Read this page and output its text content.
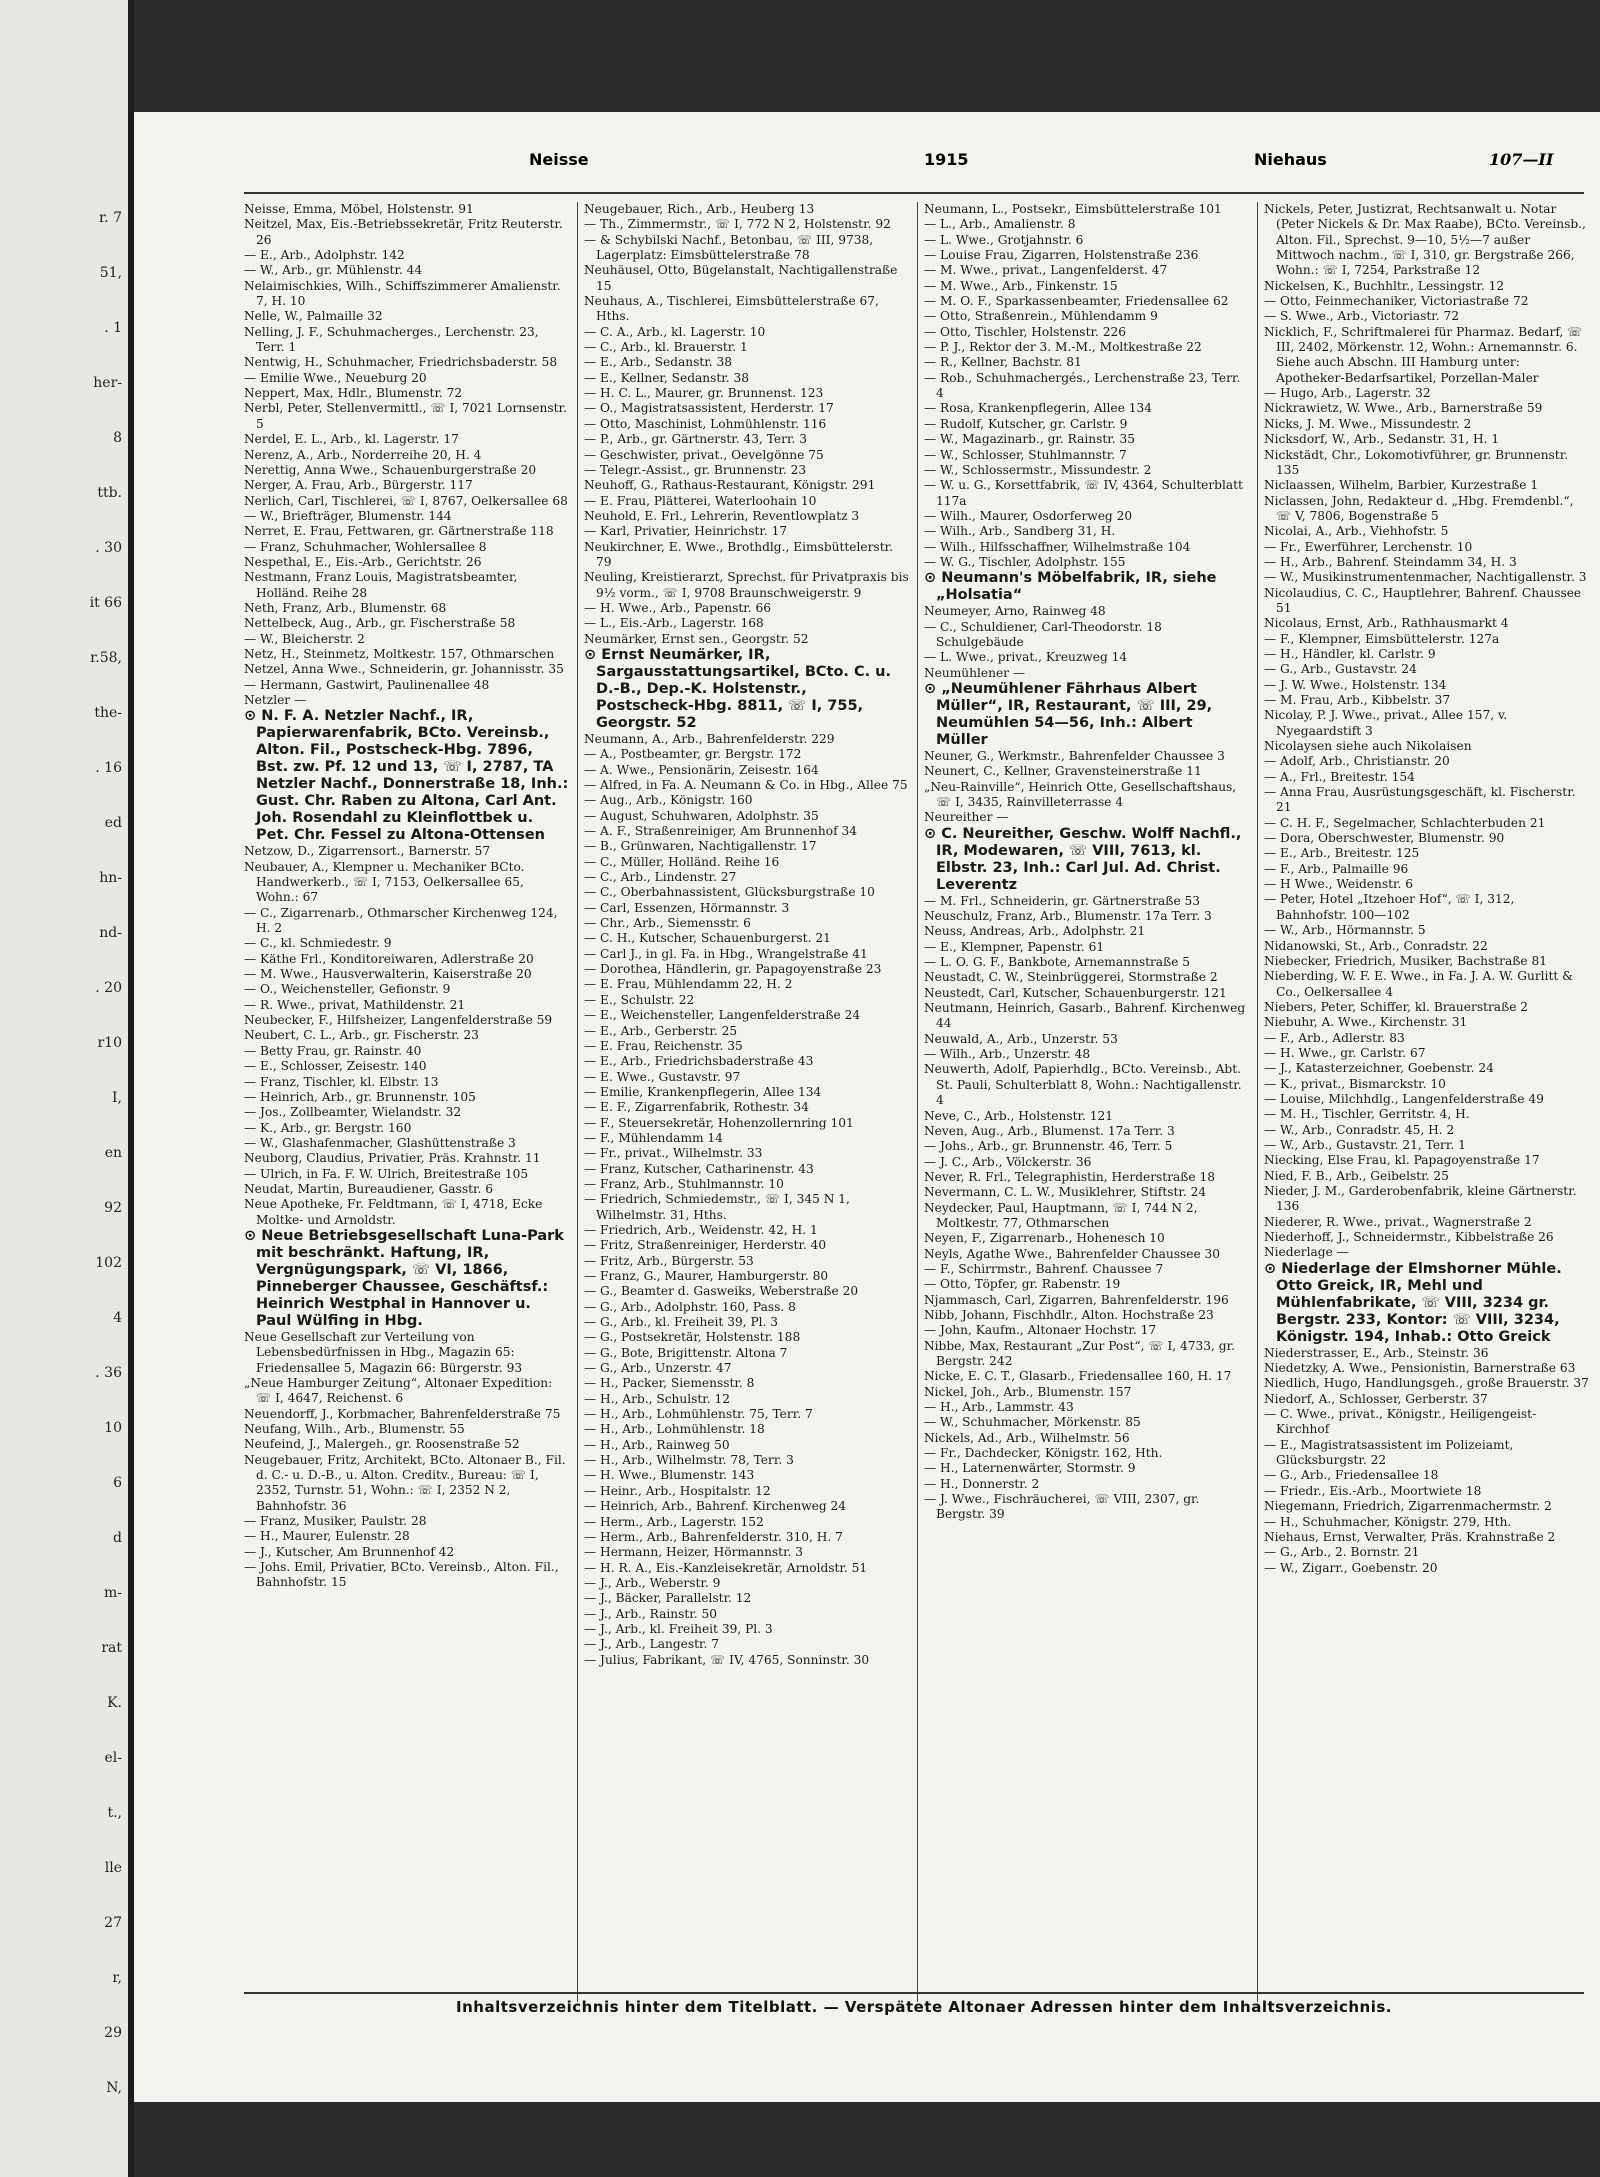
r. 7
51,
. 1
her-
8
ttb.
. 30
it 66
r.58,
the-
. 16
ed
hn-
nd-
. 20
r10
I,
en
92
102
4
. 36
10
6
d
m-
rat
K.
el-
t.,
lle
27
r,
29
N,
Neisse	1915	Niehaus	107—II

Neisse, Emma, Möbel, Holstenstr. 91

Neitzel, Max, Eis.-Betriebssekretär, Fritz Reuterstr. 26

— E., Arb., Adolphstr. 142

— W., Arb., gr. Mühlenstr. 44

Nelaimischkies, Wilh., Schiffszimmerer Amalienstr. 7, H. 10

Nelle, W., Palmaille 32

Nelling, J. F., Schuhmacherges., Lerchenstr. 23, Terr. 1

Nentwig, H., Schuhmacher, Friedrichsbaderstr. 58

— Emilie Wwe., Neueburg 20

Neppert, Max, Hdlr., Blumenstr. 72

Nerbl, Peter, Stellenvermittl., ☏ I, 7021 Lornsenstr. 5

Nerdel, E. L., Arb., kl. Lagerstr. 17

Nerenz, A., Arb., Norderreihe 20, H. 4

Nerettig, Anna Wwe., Schauenburgerstraße 20

Nerger, A. Frau, Arb., Bürgerstr. 117

Nerlich, Carl, Tischlerei, ☏ I, 8767, Oelkersallee 68

— W., Briefträger, Blumenstr. 144

Nerret, E. Frau, Fettwaren, gr. Gärtnerstraße 118

— Franz, Schuhmacher, Wohlersallee 8

Nespethal, E., Eis.-Arb., Gerichtstr. 26

Nestmann, Franz Louis, Magistratsbeamter, Holländ. Reihe 28

Neth, Franz, Arb., Blumenstr. 68

Nettelbeck, Aug., Arb., gr. Fischerstraße 58

— W., Bleicherstr. 2

Netz, H., Steinmetz, Moltkestr. 157, Othmarschen

Netzel, Anna Wwe., Schneiderin, gr. Johannisstr. 35

— Hermann, Gastwirt, Paulinenallee 48

Netzler —

⊙ N. F. A. Netzler Nachf., IR, Papierwarenfabrik, BCto. Vereinsb., Alton. Fil., Postscheck-Hbg. 7896, Bst. zw. Pf. 12 und 13, ☏ I, 2787, TA Netzler Nachf., Donnerstraße 18, Inh.: Gust. Chr. Raben zu Altona, Carl Ant. Joh. Rosendahl zu Kleinflottbek u. Pet. Chr. Fessel zu Altona-Ottensen

Netzow, D., Zigarrensort., Barnerstr. 57

Neubauer, A., Klempner u. Mechaniker BCto. Handwerkerb., ☏ I, 7153, Oelkersallee 65, Wohn.: 67

— C., Zigarrenarb., Othmarscher Kirchenweg 124, H. 2

— C., kl. Schmiedestr. 9

— Käthe Frl., Konditoreiwaren, Adlerstraße 20

— M. Wwe., Hausverwalterin, Kaiserstraße 20

— O., Weichensteller, Gefionstr. 9

— R. Wwe., privat, Mathildenstr. 21

Neubecker, F., Hilfsheizer, Langenfelderstraße 59

Neubert, C. L., Arb., gr. Fischerstr. 23

— Betty Frau, gr. Rainstr. 40

— E., Schlosser, Zeisestr. 140

— Franz, Tischler, kl. Elbstr. 13

— Heinrich, Arb., gr. Brunnenstr. 105

— Jos., Zollbeamter, Wielandstr. 32

— K., Arb., gr. Bergstr. 160

— W., Glashafenmacher, Glashüttenstraße 3

Neuborg, Claudius, Privatier, Präs. Krahnstr. 11

— Ulrich, in Fa. F. W. Ulrich, Breitestraße 105

Neudat, Martin, Bureaudiener, Gasstr. 6

Neue Apotheke, Fr. Feldtmann, ☏ I, 4718, Ecke Moltke- und Arnoldstr.

⊙ Neue Betriebsgesellschaft Luna-Park mit beschränkt. Haftung, IR, Vergnügungspark, ☏ VI, 1866, Pinneberger Chaussee, Geschäftsf.: Heinrich Westphal in Hannover u. Paul Wülfing in Hbg.

Neue Gesellschaft zur Verteilung von Lebensbedürfnissen in Hbg., Magazin 65: Friedensallee 5, Magazin 66: Bürgerstr. 93

„Neue Hamburger Zeitung“, Altonaer Expedition: ☏ I, 4647, Reichenst. 6

Neuendorff, J., Korbmacher, Bahrenfelderstraße 75

Neufang, Wilh., Arb., Blumenstr. 55

Neufeind, J., Malergeh., gr. Roosenstraße 52

Neugebauer, Fritz, Architekt, BCto. Altonaer B., Fil. d. C.- u. D.-B., u. Alton. Creditv., Bureau: ☏ I, 2352, Turnstr. 51, Wohn.: ☏ I, 2352 N 2, Bahnhofstr. 36

— Franz, Musiker, Paulstr. 28

— H., Maurer, Eulenstr. 28

— J., Kutscher, Am Brunnenhof 42

— Johs. Emil, Privatier, BCto. Vereinsb., Alton. Fil., Bahnhofstr. 15

Neugebauer, Rich., Arb., Heuberg 13

— Th., Zimmermstr., ☏ I, 772 N 2, Holstenstr. 92

— & Schybilski Nachf., Betonbau, ☏ III, 9738, Lagerplatz: Eimsbüttelerstraße 78

Neuhäusel, Otto, Bügelanstalt, Nachtigallenstraße 15

Neuhaus, A., Tischlerei, Eimsbüttelerstraße 67, Hths.

— C. A., Arb., kl. Lagerstr. 10

— C., Arb., kl. Brauerstr. 1

— E., Arb., Sedanstr. 38

— E., Kellner, Sedanstr. 38

— H. C. L., Maurer, gr. Brunnenst. 123

— O., Magistratsassistent, Herderstr. 17

— Otto, Maschinist, Lohmühlenstr. 116

— P., Arb., gr. Gärtnerstr. 43, Terr. 3

— Geschwister, privat., Oevelgönne 75

— Telegr.-Assist., gr. Brunnenstr. 23

Neuhoff, G., Rathaus-Restaurant, Königstr. 291

— E. Frau, Plätterei, Waterloohain 10

Neuhold, E. Frl., Lehrerin, Reventlowplatz 3

— Karl, Privatier, Heinrichstr. 17

Neukirchner, E. Wwe., Brothdlg., Eimsbüttelerstr. 79

Neuling, Kreistierarzt, Sprechst. für Privatpraxis bis 9½ vorm., ☏ I, 9708 Braunschweigerstr. 9

— H. Wwe., Arb., Papenstr. 66

— L., Eis.-Arb., Lagerstr. 168

Neumärker, Ernst sen., Georgstr. 52

⊙ Ernst Neumärker, IR, Sargausstattungsartikel, BCto. C. u. D.-B., Dep.-K. Holstenstr., Postscheck-Hbg. 8811, ☏ I, 755, Georgstr. 52

Neumann, A., Arb., Bahrenfelderstr. 229

— A., Postbeamter, gr. Bergstr. 172

— A. Wwe., Pensionärin, Zeisestr. 164

— Alfred, in Fa. A. Neumann & Co. in Hbg., Allee 75

— Aug., Arb., Königstr. 160

— August, Schuhwaren, Adolphstr. 35

— A. F., Straßenreiniger, Am Brunnenhof 34

— B., Grünwaren, Nachtigallenstr. 17

— C., Müller, Holländ. Reihe 16

— C., Arb., Lindenstr. 27

— C., Oberbahnassistent, Glücksburgstraße 10

— Carl, Essenzen, Hörmannstr. 3

— Chr., Arb., Siemensstr. 6

— C. H., Kutscher, Schauenburgerst. 21

— Carl J., in gl. Fa. in Hbg., Wrangelstraße 41

— Dorothea, Händlerin, gr. Papagoyenstraße 23

— E. Frau, Mühlendamm 22, H. 2

— E., Schulstr. 22

— E., Weichensteller, Langenfelderstraße 24

— E., Arb., Gerberstr. 25

— E. Frau, Reichenstr. 35

— E., Arb., Friedrichsbaderstraße 43

— E. Wwe., Gustavstr. 97

— Emilie, Krankenpflegerin, Allee 134

— E. F., Zigarrenfabrik, Rothestr. 34

— F., Steuersekretär, Hohenzollernring 101

— F., Mühlendamm 14

— Fr., privat., Wilhelmstr. 33

— Franz, Kutscher, Catharinenstr. 43

— Franz, Arb., Stuhlmannstr. 10

— Friedrich, Schmiedemstr., ☏ I, 345 N 1, Wilhelmstr. 31, Hths.

— Friedrich, Arb., Weidenstr. 42, H. 1

— Fritz, Straßenreiniger, Herderstr. 40

— Fritz, Arb., Bürgerstr. 53

— Franz, G., Maurer, Hamburgerstr. 80

— G., Beamter d. Gasweiks, Weberstraße 20

— G., Arb., Adolphstr. 160, Pass. 8

— G., Arb., kl. Freiheit 39, Pl. 3

— G., Postsekretär, Holstenstr. 188

— G., Bote, Brigittenstr. Altona 7

— G., Arb., Unzerstr. 47

— H., Packer, Siemensstr. 8

— H., Arb., Schulstr. 12

— H., Arb., Lohmühlenstr. 75, Terr. 7

— H., Arb., Lohmühlenstr. 18

— H., Arb., Rainweg 50

— H., Arb., Wilhelmstr. 78, Terr. 3

— H. Wwe., Blumenstr. 143

— Heinr., Arb., Hospitalstr. 12

— Heinrich, Arb., Bahrenf. Kirchenweg 24

— Herm., Arb., Lagerstr. 152

— Herm., Arb., Bahrenfelderstr. 310, H. 7

— Hermann, Heizer, Hörmannstr. 3

— H. R. A., Eis.-Kanzleisekretär, Arnoldstr. 51

— J., Arb., Weberstr. 9

— J., Bäcker, Parallelstr. 12

— J., Arb., Rainstr. 50

— J., Arb., kl. Freiheit 39, Pl. 3

— J., Arb., Langestr. 7

— Julius, Fabrikant, ☏ IV, 4765, Sonninstr. 30

Neumann, L., Postsekr., Eimsbüttelerstraße 101

— L., Arb., Amalienstr. 8

— L. Wwe., Grotjahnstr. 6

— Louise Frau, Zigarren, Holstenstraße 236

— M. Wwe., privat., Langenfelderst. 47

— M. Wwe., Arb., Finkenstr. 15

— M. O. F., Sparkassenbeamter, Friedensallee 62

— Otto, Straßenrein., Mühlendamm 9

— Otto, Tischler, Holstenstr. 226

— P. J., Rektor der 3. M.-M., Moltkestraße 22

— R., Kellner, Bachstr. 81

— Rob., Schuhmachergés., Lerchenstraße 23, Terr. 4

— Rosa, Krankenpflegerin, Allee 134

— Rudolf, Kutscher, gr. Carlstr. 9

— W., Magazinarb., gr. Rainstr. 35

— W., Schlosser, Stuhlmannstr. 7

— W., Schlossermstr., Missundestr. 2

— W. u. G., Korsettfabrik, ☏ IV, 4364, Schulterblatt 117a

— Wilh., Maurer, Osdorferweg 20

— Wilh., Arb., Sandberg 31, H.

— Wilh., Hilfsschaffner, Wilhelmstraße 104

— W. G., Tischler, Adolphstr. 155

⊙ Neumann's Möbelfabrik, IR, siehe „Holsatia“

Neumeyer, Arno, Rainweg 48

— C., Schuldiener, Carl-Theodorstr. 18 Schulgebäude

— L. Wwe., privat., Kreuzweg 14

Neumühlener —

⊙ „Neumühlener Fährhaus Albert Müller“, IR, Restaurant, ☏ III, 29, Neumühlen 54—56, Inh.: Albert Müller

Neuner, G., Werkmstr., Bahrenfelder Chaussee 3

Neunert, C., Kellner, Gravensteinerstraße 11

„Neu-Rainville“, Heinrich Otte, Gesellschaftshaus, ☏ I, 3435, Rainvilleterrasse 4

Neureither —

⊙ C. Neureither, Geschw. Wolff Nachfl., IR, Modewaren, ☏ VIII, 7613, kl. Elbstr. 23, Inh.: Carl Jul. Ad. Christ. Leverentz

— M. Frl., Schneiderin, gr. Gärtnerstraße 53

Neuschulz, Franz, Arb., Blumenstr. 17a Terr. 3

Neuss, Andreas, Arb., Adolphstr. 21

— E., Klempner, Papenstr. 61

— L. O. G. F., Bankbote, Arnemannstraße 5

Neustadt, C. W., Steinbrüggerei, Stormstraße 2

Neustedt, Carl, Kutscher, Schauenburgerstr. 121

Neutmann, Heinrich, Gasarb., Bahrenf. Kirchenweg 44

Neuwald, A., Arb., Unzerstr. 53

— Wilh., Arb., Unzerstr. 48

Neuwerth, Adolf, Papierhdlg., BCto. Vereinsb., Abt. St. Pauli, Schulterblatt 8, Wohn.: Nachtigallenstr. 4

Neve, C., Arb., Holstenstr. 121

Neven, Aug., Arb., Blumenst. 17a Terr. 3

— Johs., Arb., gr. Brunnenstr. 46, Terr. 5

— J. C., Arb., Völckerstr. 36

Never, R. Frl., Telegraphistin, Herderstraße 18

Nevermann, C. L. W., Musiklehrer, Stiftstr. 24

Neydecker, Paul, Hauptmann, ☏ I, 744 N 2, Moltkestr. 77, Othmarschen

Neyen, F., Zigarrenarb., Hohenesch 10

Neyls, Agathe Wwe., Bahrenfelder Chaussee 30

— F., Schirrmstr., Bahrenf. Chaussee 7

— Otto, Töpfer, gr. Rabenstr. 19

Njammasch, Carl, Zigarren, Bahrenfelderstr. 196

Nibb, Johann, Fischhdlr., Alton. Hochstraße 23

— John, Kaufm., Altonaer Hochstr. 17

Nibbe, Max, Restaurant „Zur Post“, ☏ I, 4733, gr. Bergstr. 242

Nicke, E. C. T., Glasarb., Friedensallee 160, H. 17

Nickel, Joh., Arb., Blumenstr. 157

— H., Arb., Lammstr. 43

— W., Schuhmacher, Mörkenstr. 85

Nickels, Ad., Arb., Wilhelmstr. 56

— Fr., Dachdecker, Königstr. 162, Hth.

— H., Laternenwärter, Stormstr. 9

— H., Donnerstr. 2

— J. Wwe., Fischräucherei, ☏ VIII, 2307, gr. Bergstr. 39

Nickels, Peter, Justizrat, Rechtsanwalt u. Notar (Peter Nickels & Dr. Max Raabe), BCto. Vereinsb., Alton. Fil., Sprechst. 9—10, 5½—7 außer Mittwoch nachm., ☏ I, 310, gr. Bergstraße 266, Wohn.: ☏ I, 7254, Parkstraße 12

Nickelsen, K., Buchhltr., Lessingstr. 12

— Otto, Feinmechaniker, Victoriastraße 72

— S. Wwe., Arb., Victoriastr. 72

Nicklich, F., Schriftmalerei für Pharmaz. Bedarf, ☏ III, 2402, Mörkenstr. 12, Wohn.: Arnemannstr. 6. Siehe auch Abschn. III Hamburg unter: Apotheker-Bedarfsartikel, Porzellan-Maler

— Hugo, Arb., Lagerstr. 32

Nickrawietz, W. Wwe., Arb., Barnerstraße 59

Nicks, J. M. Wwe., Missundestr. 2

Nicksdorf, W., Arb., Sedanstr. 31, H. 1

Nickstädt, Chr., Lokomotivführer, gr. Brunnenstr. 135

Niclaassen, Wilhelm, Barbier, Kurzestraße 1

Niclassen, John, Redakteur d. „Hbg. Fremdenbl.“, ☏ V, 7806, Bogenstraße 5

Nicolai, A., Arb., Viehhofstr. 5

— Fr., Ewerführer, Lerchenstr. 10

— H., Arb., Bahrenf. Steindamm 34, H. 3

— W., Musikinstrumentenmacher, Nachtigallenstr. 3

Nicolaudius, C. C., Hauptlehrer, Bahrenf. Chaussee 51

Nicolaus, Ernst, Arb., Rathhausmarkt 4

— F., Klempner, Eimsbüttelerstr. 127a

— H., Händler, kl. Carlstr. 9

— G., Arb., Gustavstr. 24

— J. W. Wwe., Holstenstr. 134

— M. Frau, Arb., Kibbelstr. 37

Nicolay, P. J. Wwe., privat., Allee 157, v. Nyegaardstift 3

Nicolaysen siehe auch Nikolaisen

— Adolf, Arb., Christianstr. 20

— A., Frl., Breitestr. 154

— Anna Frau, Ausrüstungsgeschäft, kl. Fischerstr. 21

— C. H. F., Segelmacher, Schlachterbuden 21

— Dora, Oberschwester, Blumenstr. 90

— E., Arb., Breitestr. 125

— F., Arb., Palmaille 96

— H Wwe., Weidenstr. 6

— Peter, Hotel „Itzehoer Hof“, ☏ I, 312, Bahnhofstr. 100—102

— W., Arb., Hörmannstr. 5

Nidanowski, St., Arb., Conradstr. 22

Niebecker, Friedrich, Musiker, Bachstraße 81

Nieberding, W. F. E. Wwe., in Fa. J. A. W. Gurlitt & Co., Oelkersallee 4

Niebers, Peter, Schiffer, kl. Brauerstraße 2

Niebuhr, A. Wwe., Kirchenstr. 31

— F., Arb., Adlerstr. 83

— H. Wwe., gr. Carlstr. 67

— J., Katasterzeichner, Goebenstr. 24

— K., privat., Bismarckstr. 10

— Louise, Milchhdlg., Langenfelderstraße 49

— M. H., Tischler, Gerritstr. 4, H.

— W., Arb., Conradstr. 45, H. 2

— W., Arb., Gustavstr. 21, Terr. 1

Niecking, Else Frau, kl. Papagoyenstraße 17

Nied, F. B., Arb., Geibelstr. 25

Nieder, J. M., Garderobenfabrik, kleine Gärtnerstr. 136

Niederer, R. Wwe., privat., Wagnerstraße 2

Niederhoff, J., Schneidermstr., Kibbelstraße 26

Niederlage —

⊙ Niederlage der Elmshorner Mühle. Otto Greick, IR, Mehl und Mühlenfabrikate, ☏ VIII, 3234 gr. Bergstr. 233, Kontor: ☏ VIII, 3234, Königstr. 194, Inhab.: Otto Greick

Niederstrasser, E., Arb., Steinstr. 36

Niedetzky, A. Wwe., Pensionistin, Barnerstraße 63

Niedlich, Hugo, Handlungsgeh., große Brauerstr. 37

Niedorf, A., Schlosser, Gerberstr. 37

— C. Wwe., privat., Königstr., Heiligengeist-Kirchhof

— E., Magistratsassistent im Polizeiamt, Glücksburgstr. 22

— G., Arb., Friedensallee 18

— Friedr., Eis.-Arb., Moortwiete 18

Niegemann, Friedrich, Zigarrenmachermstr. 2

— H., Schuhmacher, Königstr. 279, Hth.

Niehaus, Ernst, Verwalter, Präs. Krahnstraße 2

— G., Arb., 2. Bornstr. 21

— W., Zigarr., Goebenstr. 20

Inhaltsverzeichnis hinter dem Titelblatt. — Verspätete Altonaer Adressen hinter dem Inhaltsverzeichnis.
